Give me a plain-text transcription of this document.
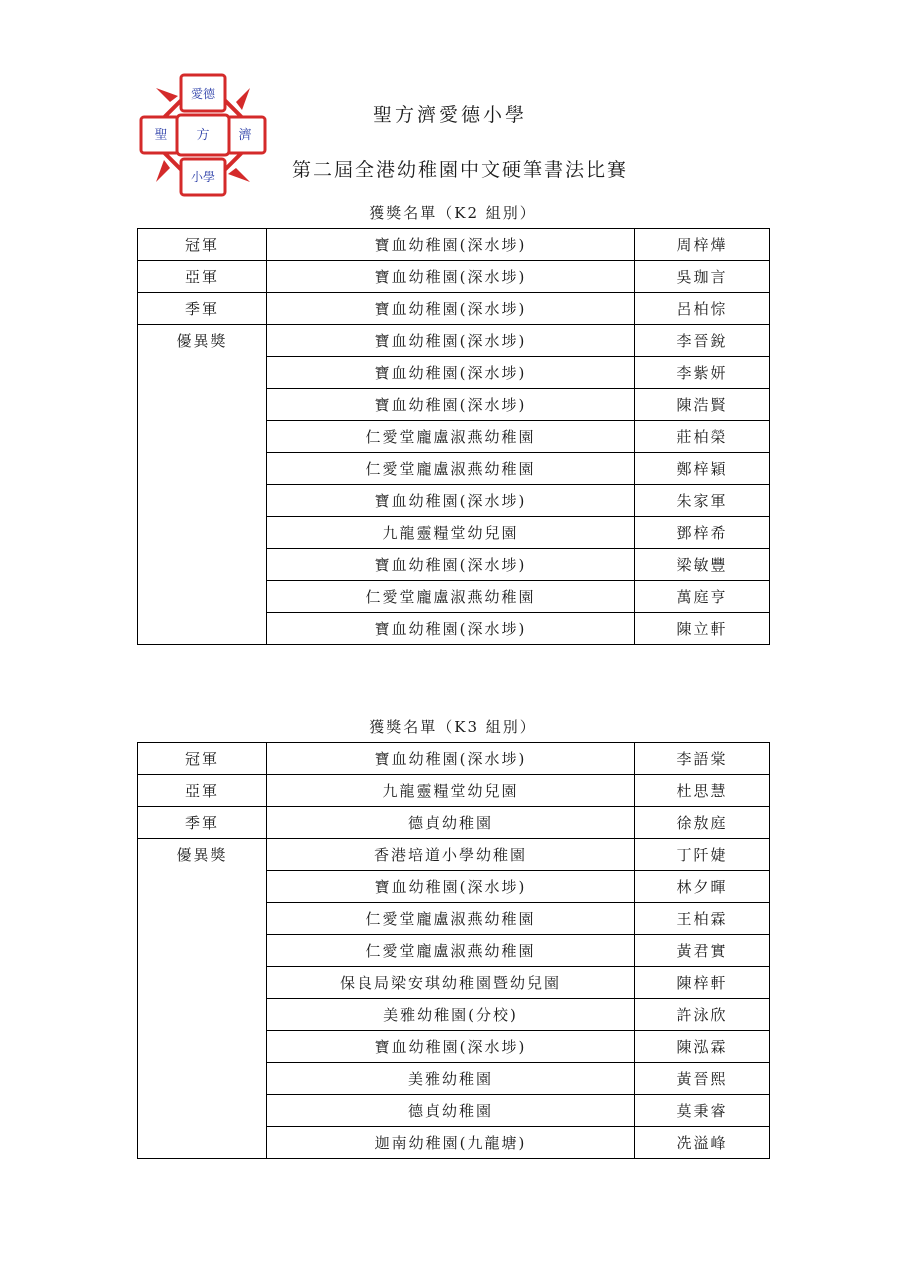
愛德
聖 方 濟
小學
聖方濟愛德小學
第二屆全港幼稚園中文硬筆書法比賽
獲獎名單（K2 組別）
冠軍	寶血幼稚園(深水埗)	周梓燁
亞軍	寶血幼稚園(深水埗)	吳珈言
季軍	寶血幼稚園(深水埗)	呂柏悰
優異獎	寶血幼稚園(深水埗)	李晉銳
	寶血幼稚園(深水埗)	李紫妍
	寶血幼稚園(深水埗)	陳浩賢
	仁愛堂龐盧淑燕幼稚園	莊柏榮
	仁愛堂龐盧淑燕幼稚園	鄭梓穎
	寶血幼稚園(深水埗)	朱家軍
	九龍靈糧堂幼兒園	鄧梓希
	寶血幼稚園(深水埗)	梁敏豐
	仁愛堂龐盧淑燕幼稚園	萬庭亨
	寶血幼稚園(深水埗)	陳立軒
獲獎名單（K3 組別）
冠軍	寶血幼稚園(深水埗)	李語棠
亞軍	九龍靈糧堂幼兒園	杜思慧
季軍	德貞幼稚園	徐敖庭
優異獎	香港培道小學幼稚園	丁阡婕
	寶血幼稚園(深水埗)	林夕暉
	仁愛堂龐盧淑燕幼稚園	王柏霖
	仁愛堂龐盧淑燕幼稚園	黃君實
	保良局梁安琪幼稚園暨幼兒園	陳梓軒
	美雅幼稚園(分校)	許泳欣
	寶血幼稚園(深水埗)	陳泓霖
	美雅幼稚園	黃晉熙
	德貞幼稚園	莫秉睿
	迦南幼稚園(九龍塘)	冼溢峰
